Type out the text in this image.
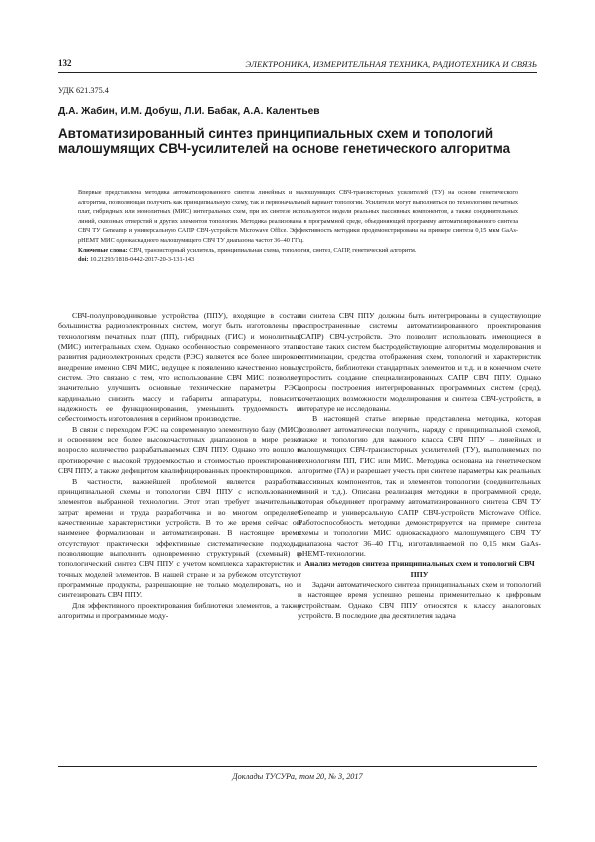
132	ЭЛЕКТРОНИКА, ИЗМЕРИТЕЛЬНАЯ ТЕХНИКА, РАДИОТЕХНИКА И СВЯЗЬ
УДК 621.375.4
Д.А. Жабин, И.М. Добуш, Л.И. Бабак, А.А. Калентьев
Автоматизированный синтез принципиальных схем и топологий малошумящих СВЧ-усилителей на основе генетического алгоритма

Впервые представлена методика автоматизированного синтеза линейных и малошумящих СВЧ-транзисторных усилителей (ТУ) на основе генетического алгоритма, позволяющая получить как принципиальную схему, так и первоначальный вариант топологии. Усилители могут выполняться по технологиям печатных плат, гибридных или монолитных (МИС) интегральных схем, при их синтезе используются модели реальных пассивных компонентов, а также соединительных линий, сквозных отверстий и других элементов топологии. Методика реализована в программной среде, объединяющей программу автоматизированного синтеза СВЧ ТУ Geneamp и универсальную САПР СВЧ-устройств Microwave Office. Эффективность методики продемонстрирована на примере синтеза 0,15 мкм GaAs-pHEMT МИС однокаскадного малошумящего СВЧ ТУ диапазона частот 36–40 ГГц.

Ключевые слова: СВЧ, транзисторный усилитель, принципиальная схема, топология, синтез, САПР, генетический алгоритм.

doi: 10.21293/1818-0442-2017-20-3-131-143

СВЧ-полупроводниковые устройства (ППУ), входящие в состав большинства радиоэлектронных систем, могут быть изготовлены по технологиям печатных плат (ПП), гибридных (ГИС) и монолитных (МИС) интегральных схем. Однако особенностью современного этапа развития радиоэлектронных средств (РЭС) является все более широкое внедрение именно СВЧ МИС, ведущее к появлению качественно новых систем. Это связано с тем, что использование СВЧ МИС позволяет значительно улучшить основные технические параметры РЭС, кардинально снизить массу и габариты аппаратуры, повысить надежность ее функционирования, уменьшить трудоемкость и себестоимость изготовления в серийном производстве.

В связи с переходом РЭС на современную элементную базу (МИС) и освоением все более высокочастотных диапазонов в мире резко возросло количество разрабатываемых СВЧ ППУ. Однако это вошло в противоречие с высокой трудоемкостью и стоимостью проектирования СВЧ ППУ, а также дефицитом квалифицированных проектировщиков.

В частности, важнейшей проблемой является разработка принципиальной схемы и топологии СВЧ ППУ с использованием элементов выбранной технологии. Этот этап требует значительных затрат времени и труда разработчика и во многом определяет качественные характеристики устройств. В то же время сейчас он наименее формализован и автоматизирован. В настоящее время отсутствуют практически эффективные систематические подходы, позволяющие выполнить одновременно структурный (схемный) и топологический синтез СВЧ ППУ с учетом комплекса характеристик и точных моделей элементов. В нашей стране и за рубежом отсутствуют программные продукты, разрешающие не только моделировать, но и синтезировать СВЧ ППУ.

Для эффективного проектирования библиотеки элементов, а также алгоритмы и программные моду-

ли синтеза СВЧ ППУ должны быть интегрированы в существующие распространенные системы автоматизированного проектирования (САПР) СВЧ-устройств. Это позволит использовать имеющиеся в составе таких систем быстродействующие алгоритмы моделирования и оптимизации, средства отображения схем, топологий и характеристик устройств, библиотеки стандартных элементов и т.д. и в конечном счете упростить создание специализированных САПР СВЧ ППУ. Однако вопросы построения интегрированных программных систем (сред), сочетающих возможности моделирования и синтеза СВЧ-устройств, в литературе не исследованы.

В настоящей статье впервые представлена методика, которая позволяет автоматически получить, наряду с принципиальной схемой, также и топологию для важного класса СВЧ ППУ – линейных и малошумящих СВЧ-транзисторных усилителей (ТУ), выполняемых по технологиям ПП, ГИС или МИС. Методика основана на генетическом алгоритме (ГА) и разрешает учесть при синтезе параметры как реальных пассивных компонентов, так и элементов топологии (соединительных линий и т.д.). Описана реализация методики в программной среде, которая объединяет программу автоматизированного синтеза СВЧ ТУ Geneamp и универсальную САПР СВЧ-устройств Microwave Office. Работоспособность методики демонстрируется на примере синтеза схемы и топологии МИС однокаскадного малошумящего СВЧ ТУ диапазона частот 36–40 ГГц, изготавливаемой по 0,15 мкм GaAs-pHEMT-технологии.

Анализ методов синтеза принципиальных схем и топологий СВЧ ППУ

Задачи автоматического синтеза принципиальных схем и топологий в настоящее время успешно решены применительно к цифровым устройствам. Однако СВЧ ППУ относятся к классу аналоговых устройств. В последние два десятилетия задача

Доклады ТУСУРа, том 20, № 3, 2017
